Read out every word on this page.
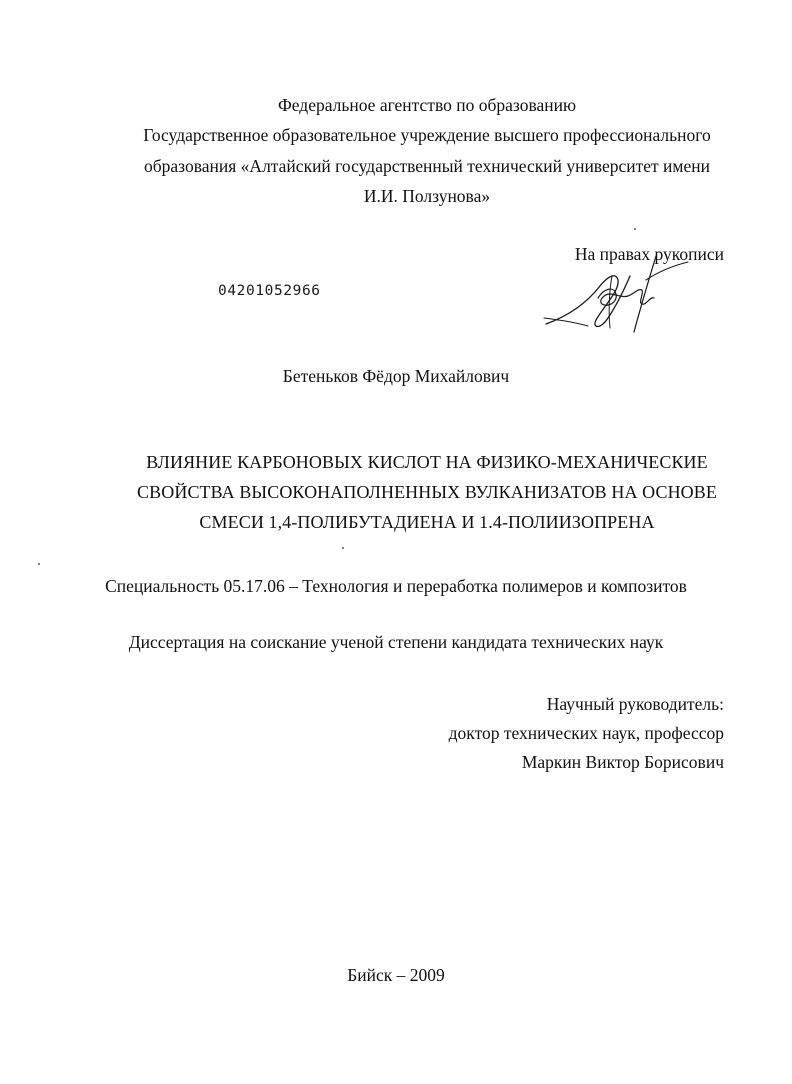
Федеральное агентство по образованию
Государственное образовательное учреждение высшего профессионального
образования «Алтайский государственный технический университет имени
И.И. Ползунова»
На правах рукописи
04201052966
Бетеньков Фёдор Михайлович
ВЛИЯНИЕ КАРБОНОВЫХ КИСЛОТ НА ФИЗИКО-МЕХАНИЧЕСКИЕ
СВОЙСТВА ВЫСОКОНАПОЛНЕННЫХ ВУЛКАНИЗАТОВ НА ОСНОВЕ
СМЕСИ 1,4-ПОЛИБУТАДИЕНА И 1.4-ПОЛИИЗОПРЕНА
Специальность 05.17.06 – Технология и переработка полимеров и композитов
Диссертация на соискание ученой степени кандидата технических наук
Научный руководитель:
доктор технических наук, профессор
Маркин Виктор Борисович
Бийск – 2009
